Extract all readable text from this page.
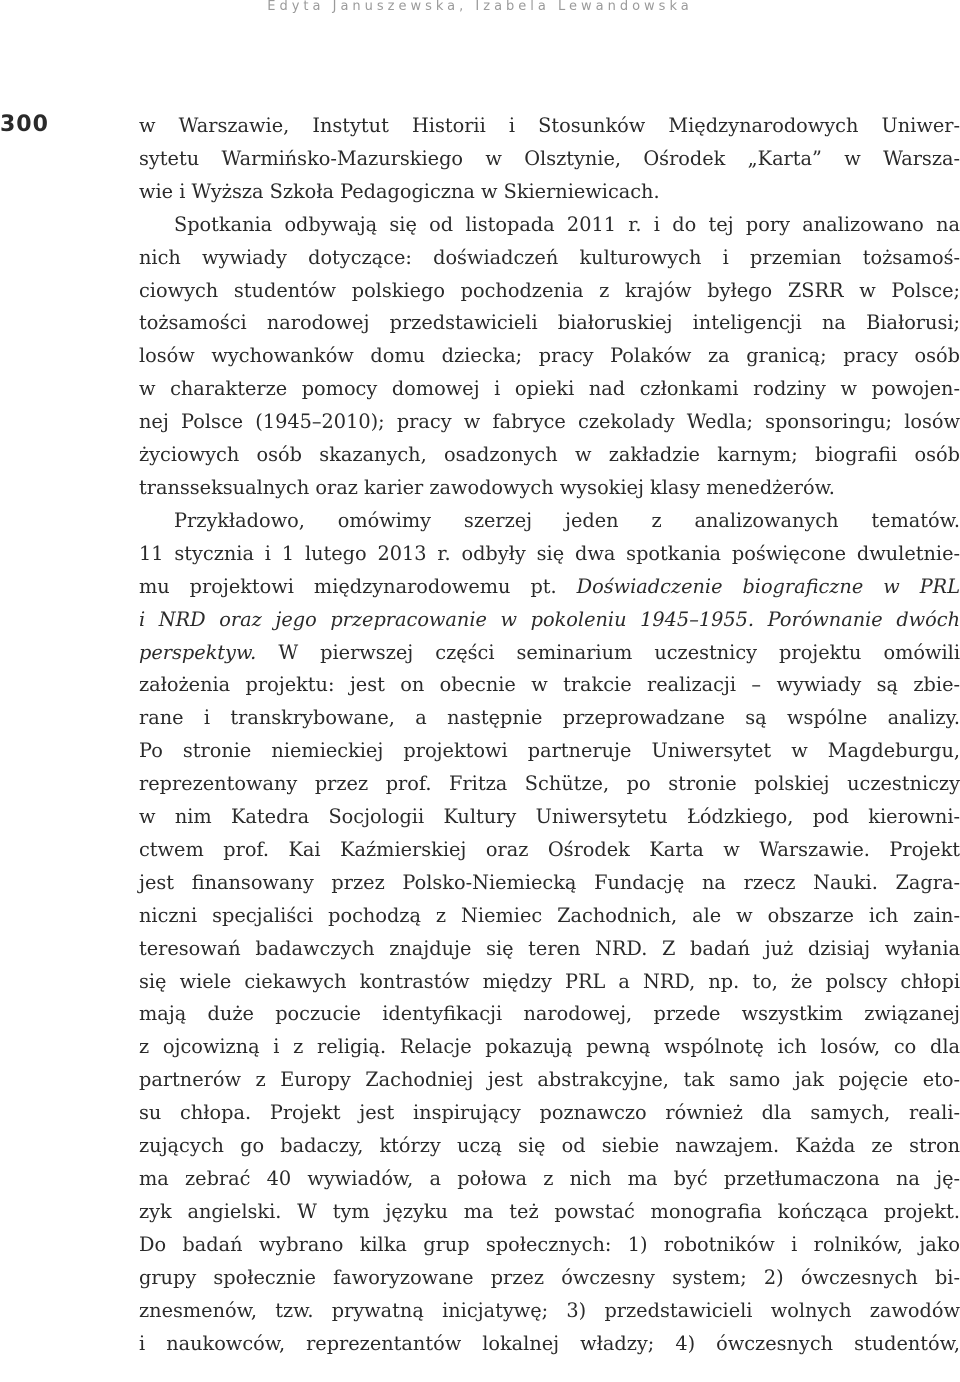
Edyta Januszewska, Izabela Lewandowska
300	w Warszawie, Instytut Historii i Stosunków Międzynarodowych Uniwer-
sytetu Warmińsko-Mazurskiego w Olsztynie, Ośrodek „Karta” w Warsza-
wie i Wyższa Szkoła Pedagogiczna w Skierniewicach.
Spotkania odbywają się od listopada 2011 r. i do tej pory analizowano na
nich wywiady dotyczące: doświadczeń kulturowych i przemian tożsamoś-
ciowych studentów polskiego pochodzenia z krajów byłego ZSRR w Polsce;
tożsamości narodowej przedstawicieli białoruskiej inteligencji na Białorusi;
losów wychowanków domu dziecka; pracy Polaków za granicą; pracy osób
w charakterze pomocy domowej i opieki nad członkami rodziny w powojen-
nej Polsce (1945–2010); pracy w fabryce czekolady Wedla; sponsoringu; losów
życiowych osób skazanych, osadzonych w zakładzie karnym; biografii osób
transseksualnych oraz karier zawodowych wysokiej klasy menedżerów.
Przykładowo, omówimy szerzej jeden z analizowanych tematów.
11 stycznia i 1 lutego 2013 r. odbyły się dwa spotkania poświęcone dwuletnie-
mu projektowi międzynarodowemu pt. Doświadczenie biograficzne w PRL
i NRD oraz jego przepracowanie w pokoleniu 1945–1955. Porównanie dwóch
perspektyw. W pierwszej części seminarium uczestnicy projektu omówili
założenia projektu: jest on obecnie w trakcie realizacji – wywiady są zbie-
rane i transkrybowane, a następnie przeprowadzane są wspólne analizy.
Po stronie niemieckiej projektowi partneruje Uniwersytet w Magdeburgu,
reprezentowany przez prof. Fritza Schütze, po stronie polskiej uczestniczy
w nim Katedra Socjologii Kultury Uniwersytetu Łódzkiego, pod kierowni-
ctwem prof. Kai Kaźmierskiej oraz Ośrodek Karta w Warszawie. Projekt
jest finansowany przez Polsko-Niemiecką Fundację na rzecz Nauki. Zagra-
niczni specjaliści pochodzą z Niemiec Zachodnich, ale w obszarze ich zain-
teresowań badawczych znajduje się teren NRD. Z badań już dzisiaj wyłania
się wiele ciekawych kontrastów między PRL a NRD, np. to, że polscy chłopi
mają duże poczucie identyfikacji narodowej, przede wszystkim związanej
z ojcowizną i z religią. Relacje pokazują pewną wspólnotę ich losów, co dla
partnerów z Europy Zachodniej jest abstrakcyjne, tak samo jak pojęcie eto-
su chłopa. Projekt jest inspirujący poznawczo również dla samych, reali-
zujących go badaczy, którzy uczą się od siebie nawzajem. Każda ze stron
ma zebrać 40 wywiadów, a połowa z nich ma być przetłumaczona na ję-
zyk angielski. W tym języku ma też powstać monografia kończąca projekt.
Do badań wybrano kilka grup społecznych: 1) robotników i rolników, jako
grupy społecznie faworyzowane przez ówczesny system; 2) ówczesnych bi-
znesmenów, tzw. prywatną inicjatywę; 3) przedstawicieli wolnych zawodów
i naukowców, reprezentantów lokalnej władzy; 4) ówczesnych studentów,
